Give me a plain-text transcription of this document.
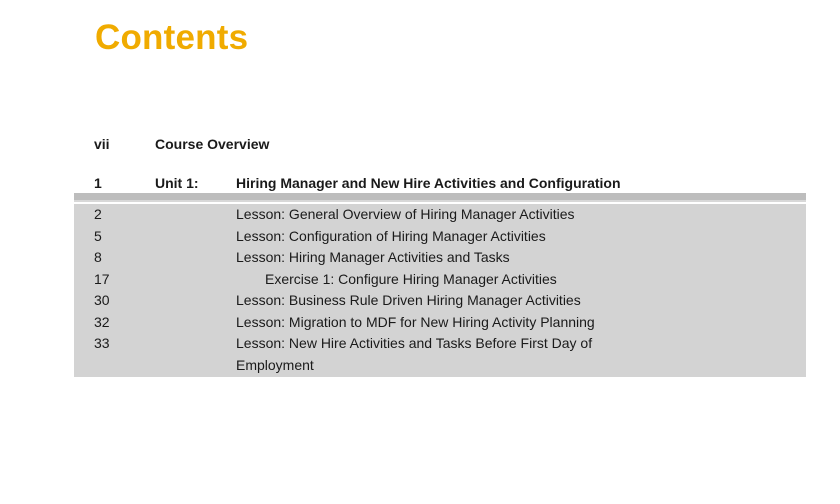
Contents
vii	Course Overview
1	Unit 1:	Hiring Manager and New Hire Activities and Configuration
2	Lesson: General Overview of Hiring Manager Activities
5	Lesson: Configuration of Hiring Manager Activities
8	Lesson: Hiring Manager Activities and Tasks
17	Exercise 1: Configure Hiring Manager Activities
30	Lesson: Business Rule Driven Hiring Manager Activities
32	Lesson: Migration to MDF for New Hiring Activity Planning
33	Lesson: New Hire Activities and Tasks Before First Day of
Employment
